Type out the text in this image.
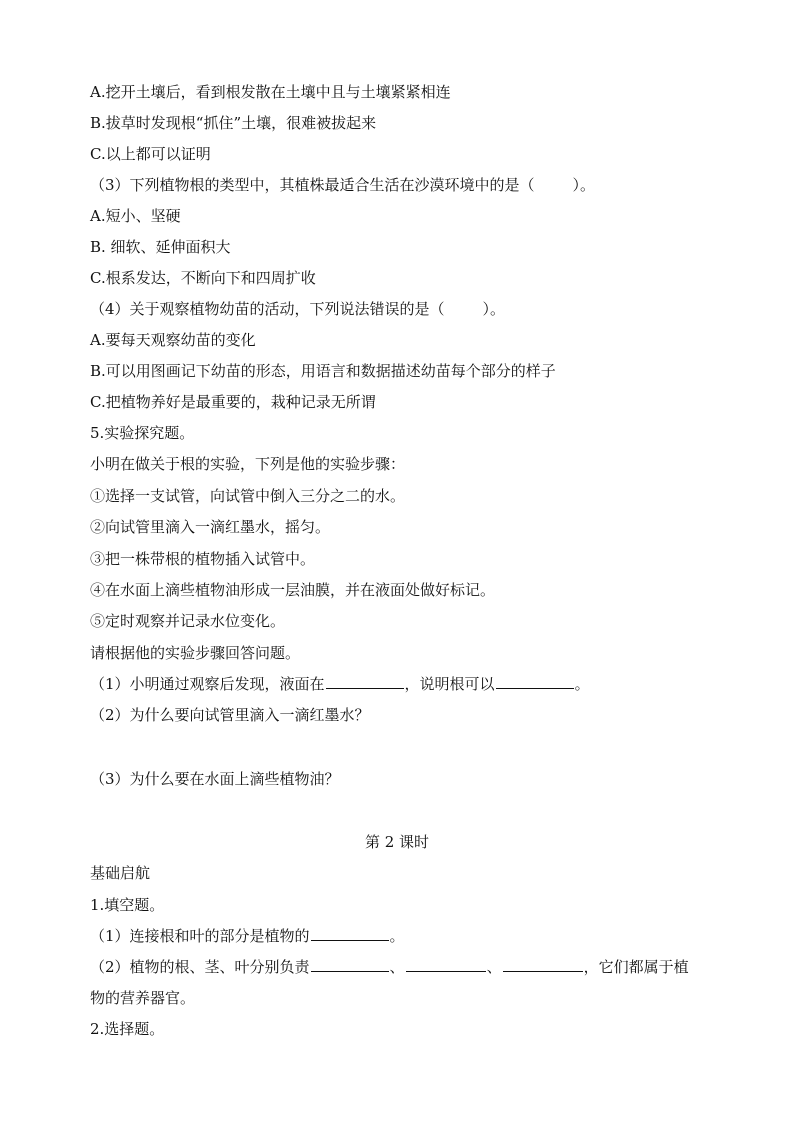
A.挖开土壤后，看到根发散在土壤中且与土壤紧紧相连
B.拔草时发现根“抓住”土壤，很难被拔起来
C.以上都可以证明
（3）下列植物根的类型中，其植株最适合生活在沙漠环境中的是（	）。
A.短小、坚硬
B. 细软、延伸面积大
C.根系发达，不断向下和四周扩收
（4）关于观察植物幼苗的活动，下列说法错误的是（	）。
A.要每天观察幼苗的变化
B.可以用图画记下幼苗的形态，用语言和数据描述幼苗每个部分的样子
C.把植物养好是最重要的，栽种记录无所谓
5.实验探究题。
小明在做关于根的实验，下列是他的实验步骤：
①选择一支试管，向试管中倒入三分之二的水。
②向试管里滴入一滴红墨水，摇匀。
③把一株带根的植物插入试管中。
④在水面上滴些植物油形成一层油膜，并在液面处做好标记。
⑤定时观察并记录水位变化。
请根据他的实验步骤回答问题。
（1）小明通过观察后发现，液面在	，说明根可以	。
（2）为什么要向试管里滴入一滴红墨水？
（3）为什么要在水面上滴些植物油？
第 2 课时
基础启航
1.填空题。
（1）连接根和叶的部分是植物的	。
（2）植物的根、茎、叶分别负责	、	、	，它们都属于植
物的营养器官。
2.选择题。
